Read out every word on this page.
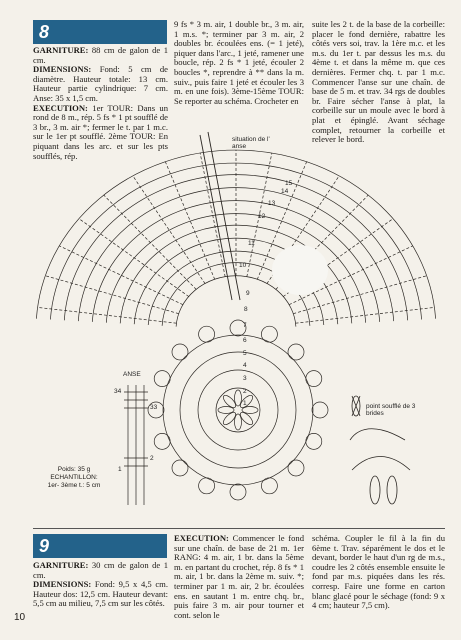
8

GARNITURE: 88 cm de galon de 1 cm.

DIMENSIONS: Fond: 5 cm de diamètre. Hauteur totale: 13 cm. Hauteur partie cylindrique: 7 cm. Anse: 35 x 1,5 cm.

EXECUTION: 1er TOUR: Dans un rond de 8 m., rép. 5 fs * 1 pt soufflé de 3 br., 3 m. air *; fermer le t. par 1 m.c. sur le 1er pt soufflé. 2ème TOUR: En piquant dans les arc. et sur les pts soufflés, rép.

9 fs * 3 m. air, 1 double br., 3 m. air, 1 m.s. *; terminer par 3 m. air, 2 doubles br. écoulées ens. (= 1 jeté), piquer dans l'arc., 1 jeté, ramener une boucle, rép. 2 fs * 1 jeté, écouler 2 boucles *, reprendre à ** dans la m. suiv., puis faire 1 jeté et écouler les 3 m. en une fois). 3ème-15ème TOUR: Se reporter au schéma. Crocheter en
suite les 2 t. de la base de la corbeille: placer le fond dernière, rabattre les côtés vers soi, trav. la 1ère m.c. et les m.s. du 1er t. par dessus les m.s. du 4ème t. et dans la même m. que ces dernières. Fermer chq. t. par 1 m.c. Commencer l'anse sur une chaîn. de base de 5 m. et trav. 34 rgs de doubles br. Faire sécher l'anse à plat, la corbeille sur un moule avec le bord à plat et épinglé. Avant séchage complet, retourner la corbeille et relever le bord.
situation de l' anse
ANSE
point soufflé de 3 brides
15
14
13
12
11
10
9
8
7
6
5
4
3
2
1
34
33
2
1
Poids: 35 g
ECHANTILLON:
1er- 3ème t.: 5 cm
9

GARNITURE: 30 cm de galon de 1 cm.

DIMENSIONS: Fond: 9,5 x 4,5 cm. Hauteur dos: 12,5 cm. Hauteur devant: 5,5 cm au milieu, 7,5 cm sur les côtés.

EXECUTION: Commencer le fond sur une chaîn. de base de 21 m. 1er RANG: 4 m. air, 1 br. dans la 5ème m. en partant du crochet, rép. 8 fs * 1 m. air, 1 br. dans la 2ème m. suiv. *; terminer par 1 m. air, 2 br. écoulées ens. en sautant 1 m. entre chq. br., puis faire 3 m. air pour tourner et cont. selon le
schéma. Coupler le fil à la fin du 6ème t. Trav. séparément le dos et le devant, border le haut d'un rg de m.s., coudre les 2 côtés ensemble ensuite le fond par m.s. piquées dans les rés. corresp. Faire une forme en carton blanc glacé pour le séchage (fond: 9 x 4 cm; hauteur 7,5 cm).
10
